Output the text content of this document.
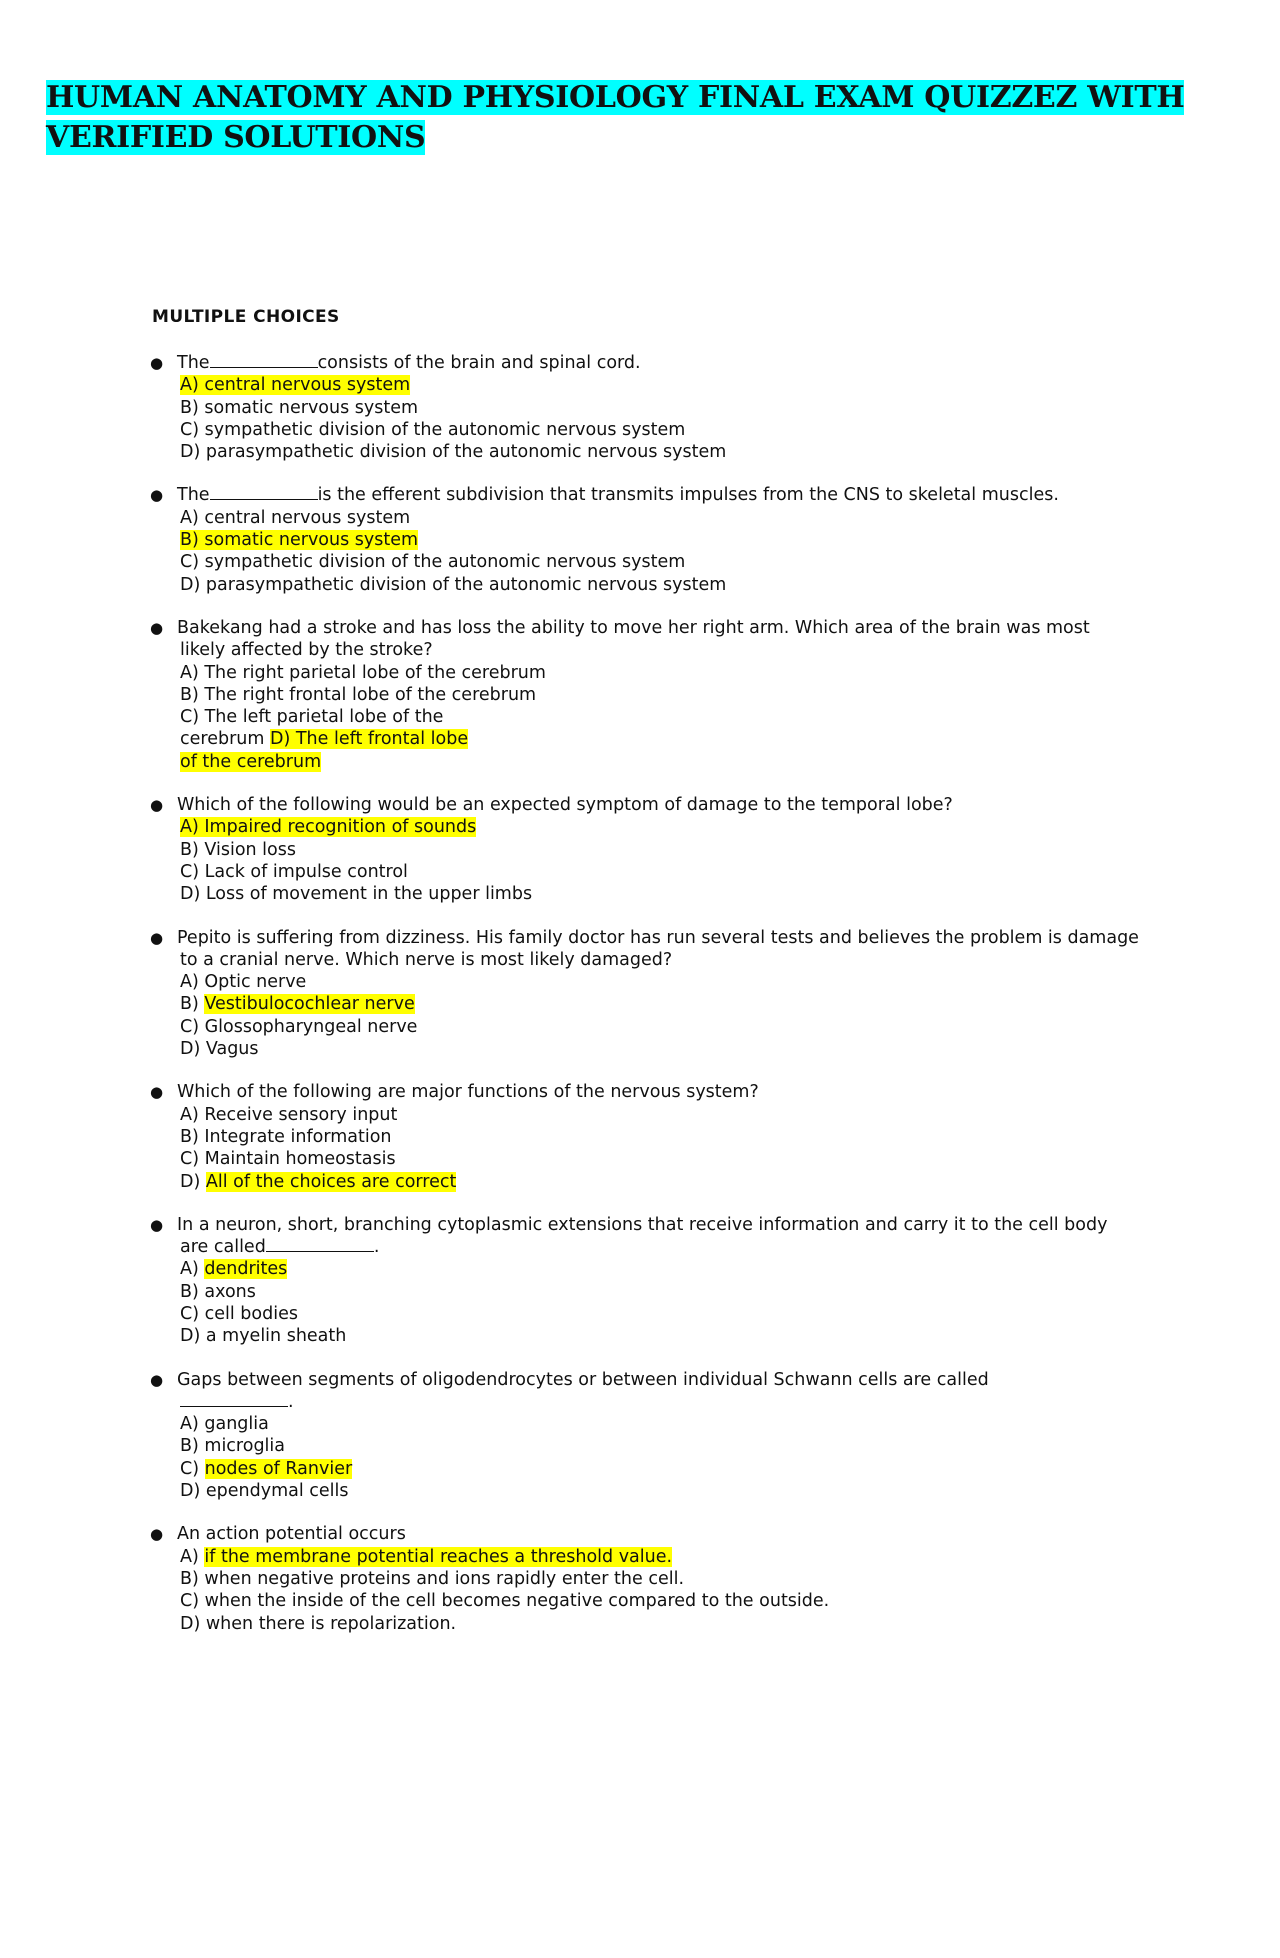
HUMAN ANATOMY AND PHYSIOLOGY FINAL EXAM QUIZZEZ WITH VERIFIED SOLUTIONS
MULTIPLE CHOICES
● The	consists of the brain and spinal cord.
A) central nervous system
B) somatic nervous system
C) sympathetic division of the autonomic nervous system
D) parasympathetic division of the autonomic nervous system
● The	is the efferent subdivision that transmits impulses from the CNS to skeletal muscles.
A) central nervous system
B) somatic nervous system
C) sympathetic division of the autonomic nervous system
D) parasympathetic division of the autonomic nervous system
● Bakekang had a stroke and has loss the ability to move her right arm. Which area of the brain was most likely affected by the stroke?
A) The right parietal lobe of the cerebrum
B) The right frontal lobe of the cerebrum
C) The left parietal lobe of the cerebrum D) The left frontal lobe of the cerebrum
● Which of the following would be an expected symptom of damage to the temporal lobe?
A) Impaired recognition of sounds
B) Vision loss
C) Lack of impulse control
D) Loss of movement in the upper limbs
● Pepito is suffering from dizziness. His family doctor has run several tests and believes the problem is damage to a cranial nerve. Which nerve is most likely damaged?
A) Optic nerve
B) Vestibulocochlear nerve
C) Glossopharyngeal nerve
D) Vagus
● Which of the following are major functions of the nervous system?
A) Receive sensory input
B) Integrate information
C) Maintain homeostasis
D) All of the choices are correct
● In a neuron, short, branching cytoplasmic extensions that receive information and carry it to the cell body are called	.
A) dendrites
B) axons
C) cell bodies
D) a myelin sheath
● Gaps between segments of oligodendrocytes or between individual Schwann cells are called
.
A) ganglia
B) microglia
C) nodes of Ranvier
D) ependymal cells
● An action potential occurs
A) if the membrane potential reaches a threshold value.
B) when negative proteins and ions rapidly enter the cell.
C) when the inside of the cell becomes negative compared to the outside.
D) when there is repolarization.
